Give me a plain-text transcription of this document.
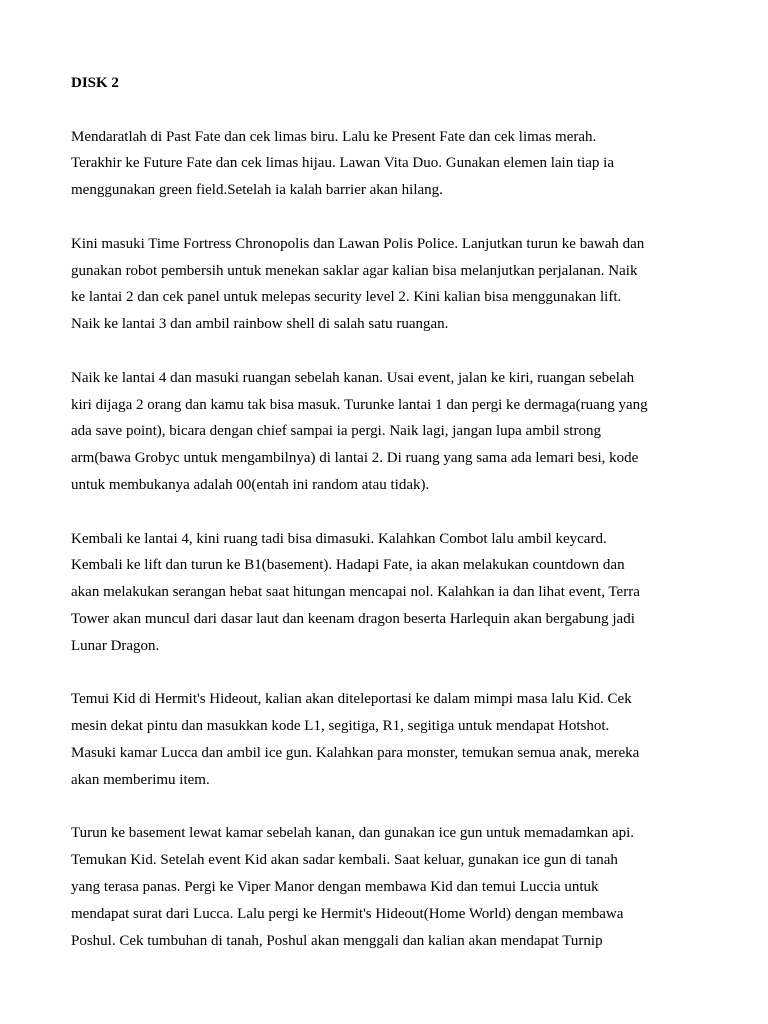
DISK 2

Mendaratlah di Past Fate dan cek limas biru. Lalu ke Present Fate dan cek limas merah.
Terakhir ke Future Fate dan cek limas hijau. Lawan Vita Duo. Gunakan elemen lain tiap ia
menggunakan green field.Setelah ia kalah barrier akan hilang.

Kini masuki Time Fortress Chronopolis dan Lawan Polis Police. Lanjutkan turun ke bawah dan
gunakan robot pembersih untuk menekan saklar agar kalian bisa melanjutkan perjalanan. Naik
ke lantai 2 dan cek panel untuk melepas security level 2. Kini kalian bisa menggunakan lift.
Naik ke lantai 3 dan ambil rainbow shell di salah satu ruangan.

Naik ke lantai 4 dan masuki ruangan sebelah kanan. Usai event, jalan ke kiri, ruangan sebelah
kiri dijaga 2 orang dan kamu tak bisa masuk. Turunke lantai 1 dan pergi ke dermaga(ruang yang
ada save point), bicara dengan chief sampai ia pergi. Naik lagi, jangan lupa ambil strong
arm(bawa Grobyc untuk mengambilnya) di lantai 2. Di ruang yang sama ada lemari besi, kode
untuk membukanya adalah 00(entah ini random atau tidak).

Kembali ke lantai 4, kini ruang tadi bisa dimasuki. Kalahkan Combot lalu ambil keycard.
Kembali ke lift dan turun ke B1(basement). Hadapi Fate, ia akan melakukan countdown dan
akan melakukan serangan hebat saat hitungan mencapai nol. Kalahkan ia dan lihat event, Terra
Tower akan muncul dari dasar laut dan keenam dragon beserta Harlequin akan bergabung jadi
Lunar Dragon.

Temui Kid di Hermit's Hideout, kalian akan diteleportasi ke dalam mimpi masa lalu Kid. Cek
mesin dekat pintu dan masukkan kode L1, segitiga, R1, segitiga untuk mendapat Hotshot.
Masuki kamar Lucca dan ambil ice gun. Kalahkan para monster, temukan semua anak, mereka
akan memberimu item.

Turun ke basement lewat kamar sebelah kanan, dan gunakan ice gun untuk memadamkan api.
Temukan Kid. Setelah event Kid akan sadar kembali. Saat keluar, gunakan ice gun di tanah
yang terasa panas. Pergi ke Viper Manor dengan membawa Kid dan temui Luccia untuk
mendapat surat dari Lucca. Lalu pergi ke Hermit's Hideout(Home World) dengan membawa
Poshul. Cek tumbuhan di tanah, Poshul akan menggali dan kalian akan mendapat Turnip
